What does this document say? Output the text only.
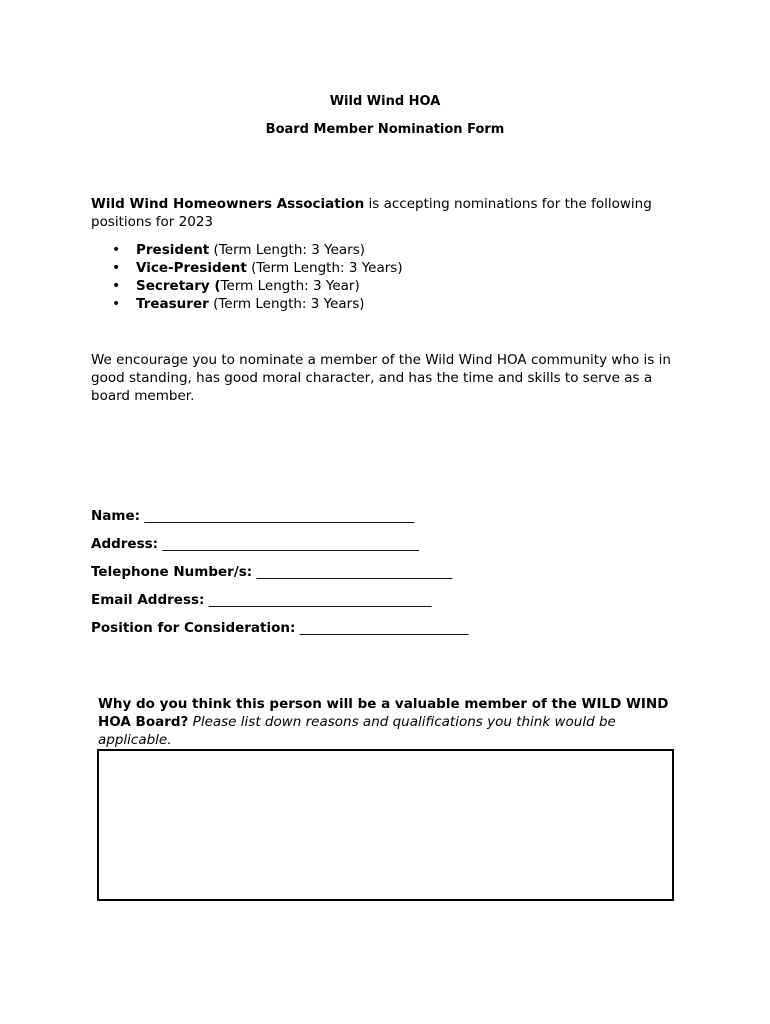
Wild Wind HOA
Board Member Nomination Form
Wild Wind Homeowners Association is accepting nominations for the following positions for 2023
• President (Term Length: 3 Years)
• Vice-President (Term Length: 3 Years)
• Secretary (Term Length: 3 Year)
• Treasurer (Term Length: 3 Years)
We encourage you to nominate a member of the Wild Wind HOA community who is in good standing, has good moral character, and has the time and skills to serve as a board member.
Name: ________________________________________
Address: ______________________________________
Telephone Number/s: _____________________________
Email Address: _________________________________
Position for Consideration: _________________________
Why do you think this person will be a valuable member of the WILD WIND HOA Board? Please list down reasons and qualifications you think would be applicable.
